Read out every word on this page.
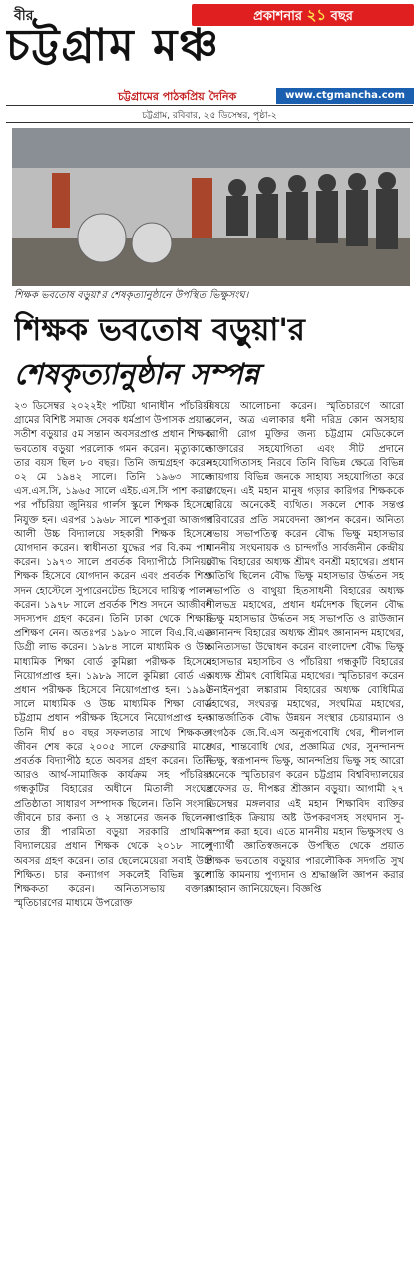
প্রকাশনার ২১ বছর
বীর
চট্টগ্রাম মঞ্চ
চট্টগ্রামের পাঠকপ্রিয় দৈনিক	www.ctgmancha.com
চট্টগ্রাম, রবিবার, ২৫ ডিসেম্বর, পৃষ্ঠা-২
শিক্ষক ভবতোষ বড়ুয়া'র শেষকৃত্যানুষ্ঠানে উপস্থিত ভিক্ষুসংঘ।
শিক্ষক ভবতোষ বড়ুয়া'র
শেষকৃত্যানুষ্ঠান সম্পন্ন

২৩ ডিসেম্বর ২০২২ইং পটিয়া থানাধীন পাঁচরিয়া গ্রামের বিশিষ্ট সমাজ সেবক ধর্মপ্রাণ উপাসক প্রয়াত সতীশ বড়ুয়ার ৫ম সন্তান অবসরপ্রাপ্ত প্রধান শিক্ষক ভবতোষ বড়ুয়া পরলোক গমন করেন। মৃত্যুকালে তার বয়স ছিল ৮০ বছর। তিনি জন্মগ্রহণ করেন ০২ মে ১৯৪২ সালে। তিনি ১৯৬৩ সালে এস.এস.সি, ১৯৬৫ সালে এইচ.এস.সি পাশ করার পর পাঁচরিয়া জুনিয়র গার্লস স্কুলে শিক্ষক হিসেবে নিযুক্ত হন। এরপর ১৯৬৮ সালে শাকপুরা আজগর আলী উচ্চ বিদ্যালয়ে সহকারী শিক্ষক হিসেবে যোগদান করেন। স্বাধীনতা যুদ্ধের পর বি.কম পাশ করেন। ১৯৭৩ সালে প্রবর্তক বিদ্যাপীঠে সিনিয়র শিক্ষক হিসেবে যোগদান করেন এবং প্রবর্তক শিশু সদন হোস্টেলে সুপারেনটেন্ড হিসেবে দায়িত্ব পালন করেন। ১৯৭৮ সালে প্রবর্তক শিশু সদনে আজীবন সদস্যপদ গ্রহণ করেন। তিনি ঢাকা থেকে শিক্ষায় প্রশিক্ষণ নেন। অতঃপর ১৯৮০ সালে বিএ.বি.এড ডিগ্রী লাভ করেন। ১৯৮৪ সালে মাধ্যমিক ও উচ্চ মাধ্যমিক শিক্ষা বোর্ড কুমিল্লা পরীক্ষক হিসেবে নিয়োগপ্রাপ্ত হন। ১৯৮৯ সালে কুমিল্লা বোর্ড এর প্রধান পরীক্ষক হিসেবে নিয়োগপ্রাপ্ত হন। ১৯৯৫ সালে মাধ্যমিক ও উচ্চ মাধ্যমিক শিক্ষা বোর্ড চট্টগ্রাম প্রধান পরীক্ষক হিসেবে নিয়োগপ্রাপ্ত হন। তিনি দীর্ঘ ৪০ বছর সফলতার সাথে শিক্ষকতা জীবন শেষ করে ২০০৫ সালে ফেব্রুয়ারি মাসে প্রবর্তক বিদ্যাপীঠ হতে অবসর গ্রহণ করেন। তিনি আরও আর্থ-সামাজিক কার্যক্রম সহ পাঁচরিয়া গন্ধকুটির বিহারের অধীনে মিতালী সংঘের প্রতিষ্ঠাতা সাধারণ সম্পাদক ছিলেন। তিনি সংসার জীবনে চার কন্যা ও ২ সন্তানের জনক ছিলেন। তার স্ত্রী পারমিতা বড়ুয়া সরকারি প্রাথমিক বিদ্যালয়ের প্রধান শিক্ষক থেকে ২০১৮ সালে অবসর গ্রহণ করেন। তার ছেলেমেয়েরা সবাই উচ্চ শিক্ষিত। চার কন্যাগণ সকলেই বিভিন্ন স্কুলে শিক্ষকতা করেন। অনিত্যসভায় বক্তারা স্মৃতিচারণের মাধ্যমে উপরোক্ত

বিষয়ে আলোচনা করেন। স্মৃতিচারণে আরো বলেন, অত্র এলাকার ধনী দরিদ্র কোন অসহায় রোগী রোগ মুক্তির জন্য চট্টগ্রাম মেডিকেলে ডাক্তারের সহযোগিতা এবং সীট প্রদানে সহযোগিতাসহ নিরবে তিনি বিভিন্ন ক্ষেত্রে বিভিন্ন জায়গায় বিভিন্ন জনকে সাহায্য সহযোগিতা করে গেছেন। এই মহান মানুষ গড়ার কারিগর শিক্ষককে হারিয়ে অনেকেই ব্যথিত। সকলে শোক সন্তপ্ত পরিবারের প্রতি সমবেদনা জ্ঞাপন করেন। অনিত্য সভায় সভাপতিত্ব করেন বৌদ্ধ ভিক্ষু মহাসভার মাননীয় সংঘনায়ক ও চান্দগাঁও সার্বজনীন কেন্দ্রীয় বৌদ্ধ বিহারের অধ্যক্ষ শ্রীমৎ বনশ্রী মহাথের। প্রধান অতিথি ছিলেন বৌদ্ধ ভিক্ষু মহাসভার উর্দ্ধতন সহ সভাপতি ও বাথুয়া হিতসাধনী বিহারের অধ্যক্ষ শীলভদ্র মহাথের, প্রধান ধর্মদেশক ছিলেন বৌদ্ধ ভিক্ষু মহাসভার উর্দ্ধতন সহ সভাপতি ও রাউজান জ্ঞানানন্দ বিহারের অধ্যক্ষ শ্রীমৎ জ্ঞানানন্দ মহাথের, অনিত্যসভা উদ্বোধন করেন বাংলাদেশ বৌদ্ধ ভিক্ষু মহাসভার মহাসচিব ও পাঁচরিয়া গন্ধকুটি বিহারের অধ্যক্ষ শ্রীমৎ বোধিমিত্র মহাথের। স্মৃতিচারণ করেন উনাইনপুরা লঙ্কারাম বিহারের অধ্যক্ষ বোধিমিত্র মহাথের, সংঘরত্ন মহাথের, সংঘমিত্র মহাথের, আন্তর্জাতিক বৌদ্ধ উন্নয়ন সংস্থার চেয়ারম্যান ও সংগঠক জে.বি.এস অনুরূপবোধি থের, শীলপাল থের, শান্তবোধি থের, প্রজ্ঞামিত্র থের, সুনন্দানন্দ ভিক্ষু, স্বরূপানন্দ ভিক্ষু, আনন্দপ্রিয় ভিক্ষু সহ আরো অনেকে স্মৃতিচারণ করেন চট্টগ্রাম বিশ্ববিদ্যালয়ের প্রফেসর ড. দীপঙ্কর শ্রীজ্ঞান বড়ুয়া। আগামী ২৭ ডিসেম্বর মঙ্গলবার এই মহান শিক্ষাবিদ ব্যক্তির সাপ্তাহিক ক্রিয়ায় অষ্ট উপকরণসহ সংঘদান সু-সম্পন্ন করা হবে। এতে মাননীয় মহান ভিক্ষুসংঘ ও পুণ্যার্থী জ্ঞাতিস্বজনকে উপস্থিত থেকে প্রয়াত শিক্ষক ভবতোষ বড়ুয়ার পারলৌকিক সদগতি সুখ শান্তি কামনায় পুণ্যদান ও শ্রদ্ধাঞ্জলি জ্ঞাপন করার আহ্বান জানিয়েছেন। বিজ্ঞপ্তি
